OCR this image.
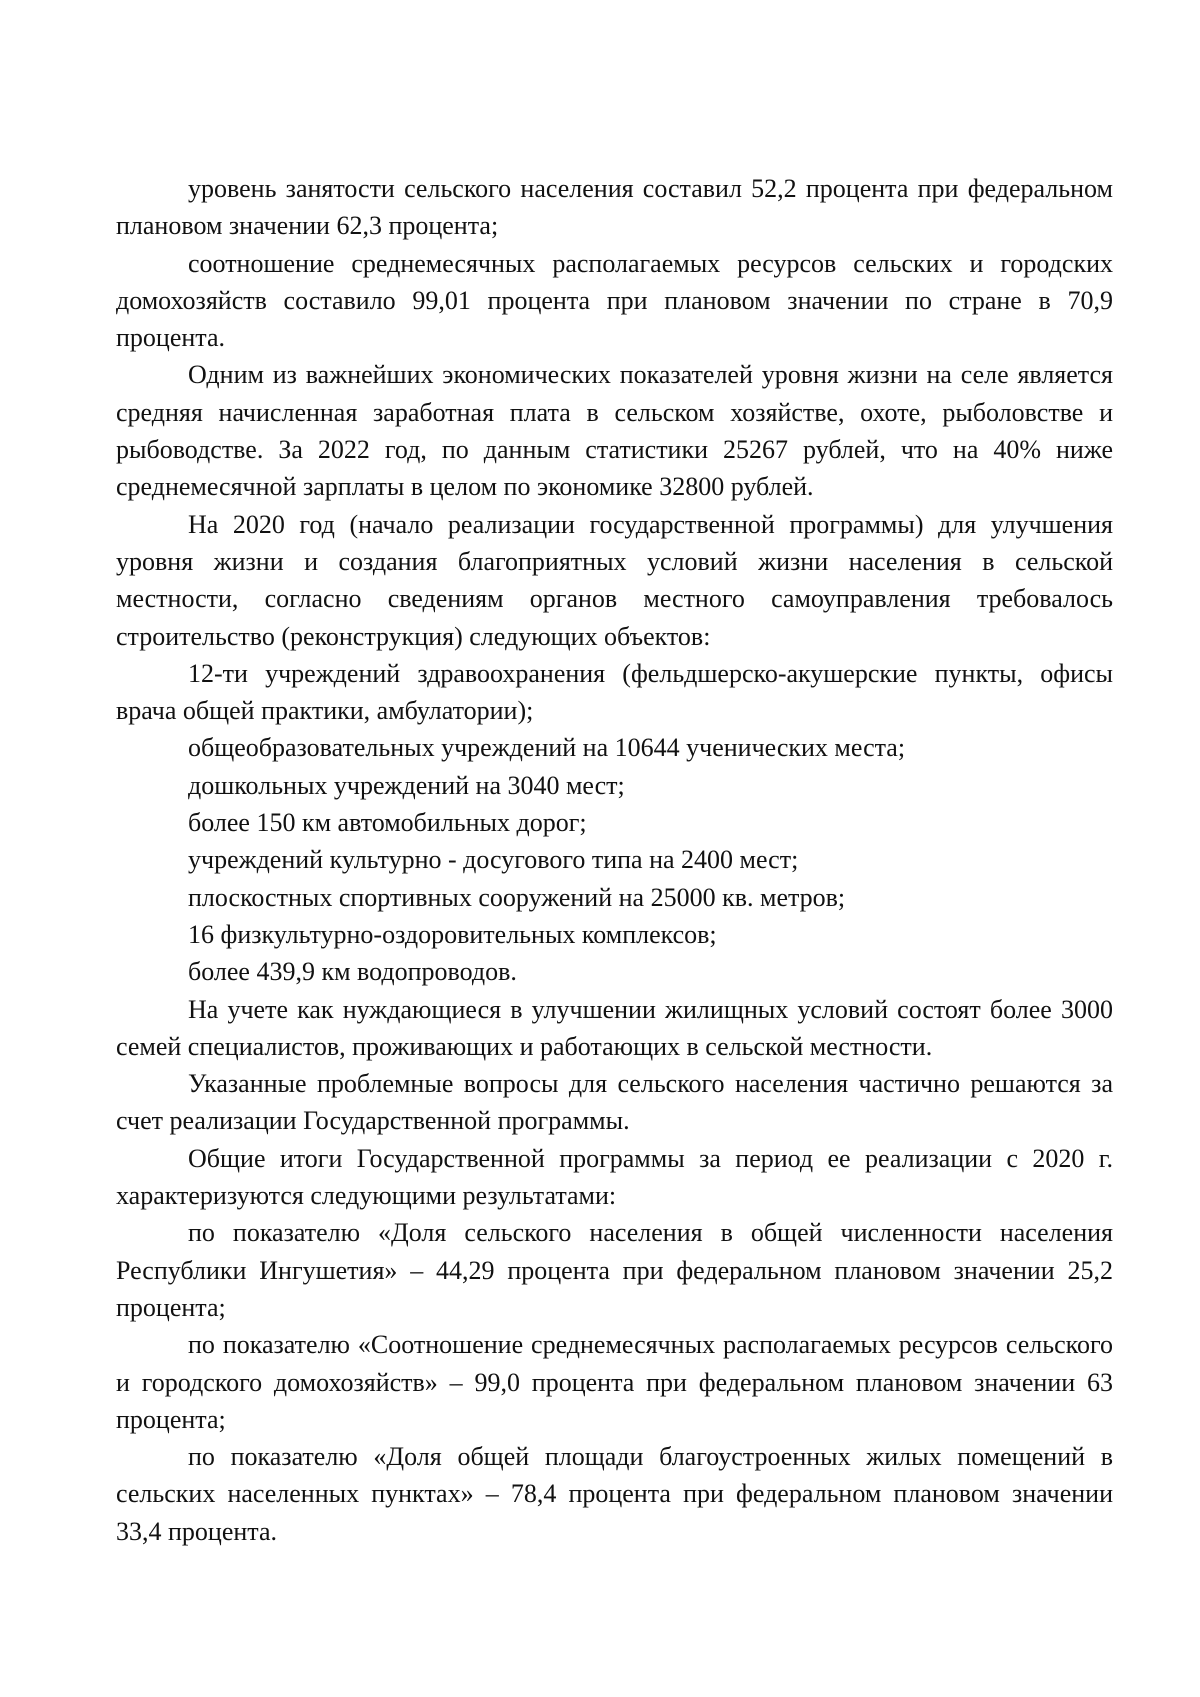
уровень занятости сельского населения составил 52,2 процента при федеральном плановом значении 62,3 процента;

соотношение среднемесячных располагаемых ресурсов сельских и городских домохозяйств составило 99,01 процента при плановом значении по стране в 70,9 процента.

Одним из важнейших экономических показателей уровня жизни на селе является средняя начисленная заработная плата в сельском хозяйстве, охоте, рыболовстве и рыбоводстве. За 2022 год, по данным статистики 25267 рублей, что на 40% ниже среднемесячной зарплаты в целом по экономике 32800 рублей.

На 2020 год (начало реализации государственной программы) для улучшения уровня жизни и создания благоприятных условий жизни населения в сельской местности, согласно сведениям органов местного самоуправления требовалось строительство (реконструкция) следующих объектов:

12-ти учреждений здравоохранения (фельдшерско-акушерские пункты, офисы врача общей практики, амбулатории);

общеобразовательных учреждений на 10644 ученических места;

дошкольных учреждений на 3040 мест;

более 150 км автомобильных дорог;

учреждений культурно - досугового типа на 2400 мест;

плоскостных спортивных сооружений на 25000 кв. метров;

16 физкультурно-оздоровительных комплексов;

более 439,9 км водопроводов.

На учете как нуждающиеся в улучшении жилищных условий состоят более 3000 семей специалистов, проживающих и работающих в сельской местности.

Указанные проблемные вопросы для сельского населения частично решаются за счет реализации Государственной программы.

Общие итоги Государственной программы за период ее реализации с 2020 г. характеризуются следующими результатами:

по показателю «Доля сельского населения в общей численности населения Республики Ингушетия» – 44,29 процента при федеральном плановом значении 25,2 процента;

по показателю «Соотношение среднемесячных располагаемых ресурсов сельского и городского домохозяйств» – 99,0 процента при федеральном плановом значении 63 процента;

по показателю «Доля общей площади благоустроенных жилых помещений в сельских населенных пунктах» – 78,4 процента при федеральном плановом значении 33,4 процента.
